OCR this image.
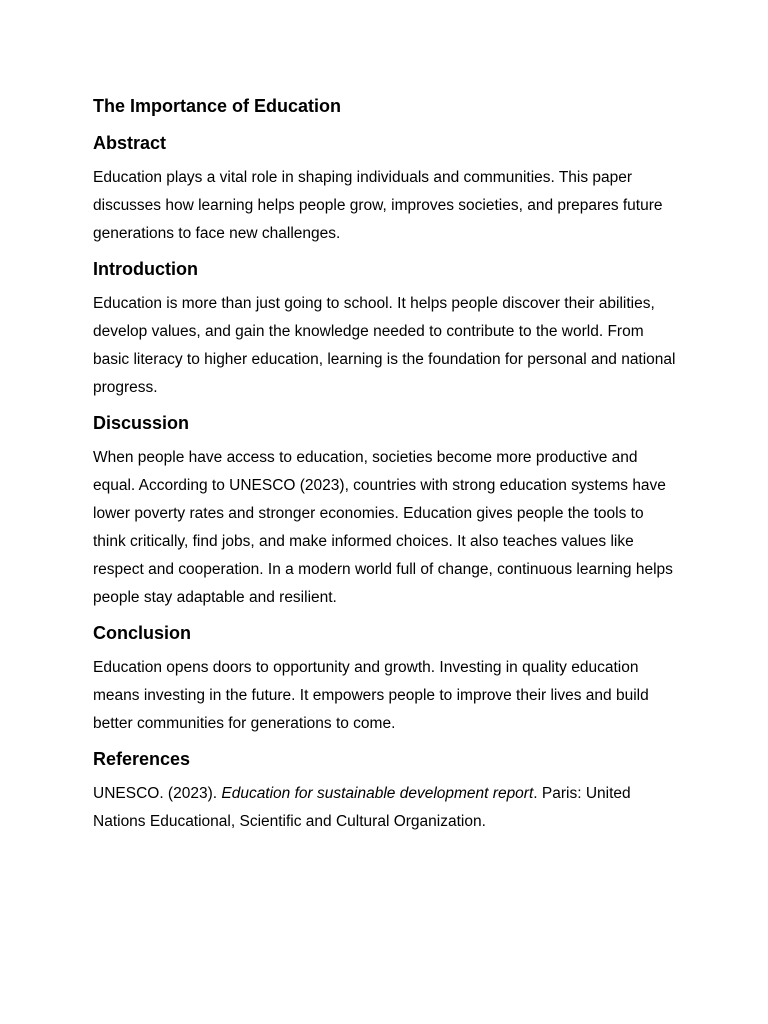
The Importance of Education
Abstract
Education plays a vital role in shaping individuals and communities. This paper discusses how learning helps people grow, improves societies, and prepares future generations to face new challenges.
Introduction
Education is more than just going to school. It helps people discover their abilities, develop values, and gain the knowledge needed to contribute to the world. From basic literacy to higher education, learning is the foundation for personal and national progress.
Discussion
When people have access to education, societies become more productive and equal. According to UNESCO (2023), countries with strong education systems have lower poverty rates and stronger economies. Education gives people the tools to think critically, find jobs, and make informed choices. It also teaches values like respect and cooperation. In a modern world full of change, continuous learning helps people stay adaptable and resilient.
Conclusion
Education opens doors to opportunity and growth. Investing in quality education means investing in the future. It empowers people to improve their lives and build better communities for generations to come.
References
UNESCO. (2023). Education for sustainable development report. Paris: United Nations Educational, Scientific and Cultural Organization.
